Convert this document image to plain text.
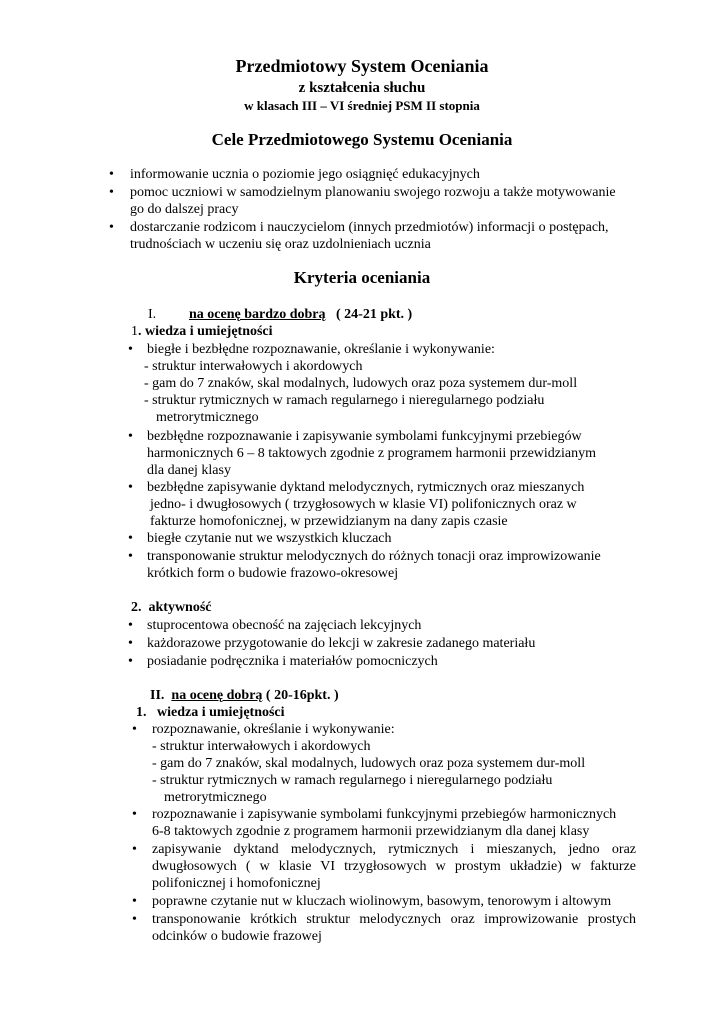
Przedmiotowy System Oceniania
z kształcenia słuchu
w klasach III – VI średniej PSM II stopnia
Cele Przedmiotowego Systemu Oceniania
• informowanie ucznia o poziomie jego osiągnięć edukacyjnych
• pomoc uczniowi w samodzielnym planowaniu swojego rozwoju a także motywowanie
go do dalszej pracy
• dostarczanie rodzicom i nauczycielom (innych przedmiotów) informacji o postępach,
trudnościach w uczeniu się oraz uzdolnieniach ucznia
Kryteria oceniania
I. na ocenę bardzo dobrą ( 24-21 pkt. )
1. wiedza i umiejętności
• biegłe i bezbłędne rozpoznawanie, określanie i wykonywanie:
- struktur interwałowych i akordowych
- gam do 7 znaków, skal modalnych, ludowych oraz poza systemem dur-moll
- struktur rytmicznych w ramach regularnego i nieregularnego podziału
metrorytmicznego
• bezbłędne rozpoznawanie i zapisywanie symbolami funkcyjnymi przebiegów
harmonicznych 6 – 8 taktowych zgodnie z programem harmonii przewidzianym
dla danej klasy
• bezbłędne zapisywanie dyktand melodycznych, rytmicznych oraz mieszanych
jedno- i dwugłosowych ( trzygłosowych w klasie VI) polifonicznych oraz w
fakturze homofonicznej, w przewidzianym na dany zapis czasie
• biegłe czytanie nut we wszystkich kluczach
• transponowanie struktur melodycznych do różnych tonacji oraz improwizowanie
krótkich form o budowie frazowo-okresowej
2. aktywność
• stuprocentowa obecność na zajęciach lekcyjnych
• każdorazowe przygotowanie do lekcji w zakresie zadanego materiału
• posiadanie podręcznika i materiałów pomocniczych
II. na ocenę dobrą ( 20-16pkt. )
1. wiedza i umiejętności
• rozpoznawanie, określanie i wykonywanie:
- struktur interwałowych i akordowych
- gam do 7 znaków, skal modalnych, ludowych oraz poza systemem dur-moll
- struktur rytmicznych w ramach regularnego i nieregularnego podziału
metrorytmicznego
• rozpoznawanie i zapisywanie symbolami funkcyjnymi przebiegów harmonicznych
6-8 taktowych zgodnie z programem harmonii przewidzianym dla danej klasy
• zapisywanie dyktand melodycznych, rytmicznych i mieszanych, jedno oraz
dwugłosowych ( w klasie VI trzygłosowych w prostym układzie) w fakturze
polifonicznej i homofonicznej
• poprawne czytanie nut w kluczach wiolinowym, basowym, tenorowym i altowym
• transponowanie krótkich struktur melodycznych oraz improwizowanie prostych
odcinków o budowie frazowej
